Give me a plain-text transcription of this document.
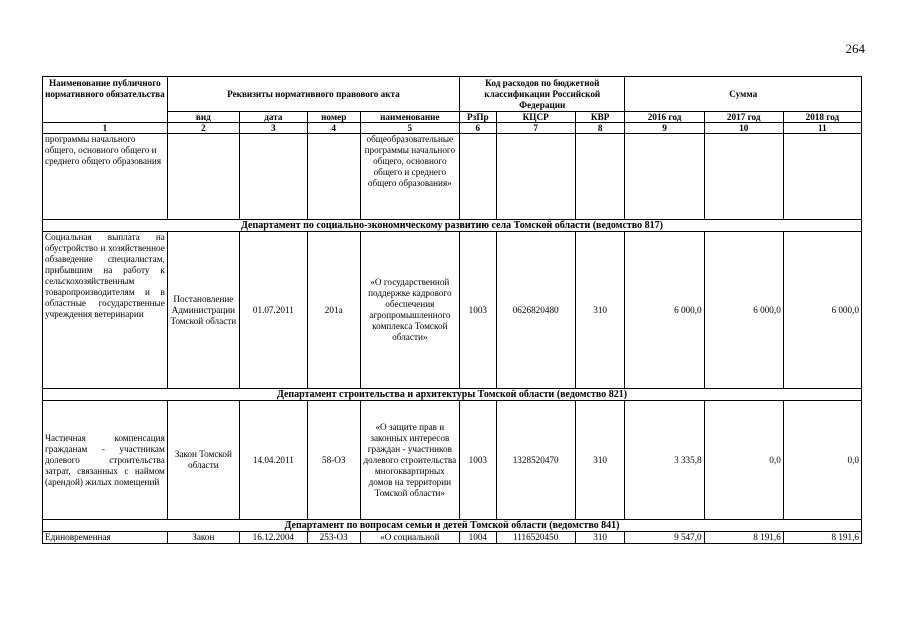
264
Наименование публичного нормативного обязательства	Реквизиты нормативного правового акта				Код расходов по бюджетной классификации Российской Федерации			Сумма		
	вид	дата	номер	наименование	РзПр	КЦСР	КВР	2016 год	2017 год	2018 год
1	2	3	4	5	6	7	8	9	10	11
программы начального общего, основного общего и среднего общего образования				общеобразовательные программы начального общего, основного общего и среднего общего образования»						
Департамент по социально-экономическому развитию села Томской области (ведомство 817)										
Социальная выплата на обустройство и хозяйственное обзаведение специалистам, прибывшим на работу к сельскохозяйственным товаропроизводителям и в областные государственные учреждения ветеринарии	Постановление Администрации Томской области	01.07.2011	201а	«О государственной поддержке кадрового обеспечения агропромышленного комплекса Томской области»	1003	0626820480	310	6 000,0	6 000,0	6 000,0
Департамент строительства и архитектуры Томской области (ведомство 821)										
Частичная компенсация гражданам - участникам долевого строительства затрат, связанных с наймом (арендой) жилых помещений	Закон Томской области	14.04.2011	58-ОЗ	«О защите прав и законных интересов граждан - участников долевого строительства многоквартирных домов на территории Томской области»	1003	1328520470	310	3 335,8	0,0	0,0
Департамент по вопросам семьи и детей Томской области (ведомство 841)										
Единовременная	Закон	16.12.2004	253-ОЗ	«О социальной	1004	1116520450	310	9 547,0	8 191,6	8 191,6
